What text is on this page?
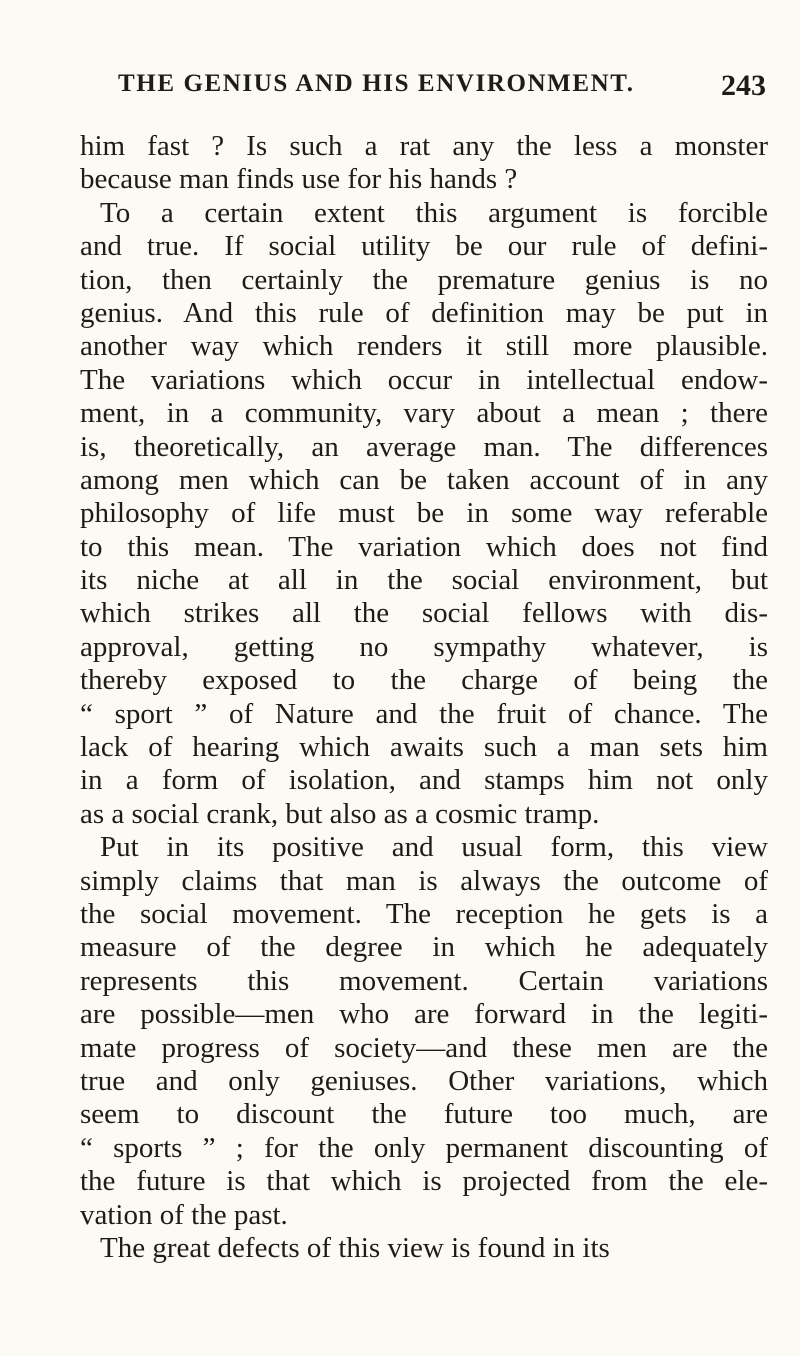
THE GENIUS AND HIS ENVIRONMENT.	243
him fast ? Is such a rat any the less a monster
because man finds use for his hands ?
To a certain extent this argument is forcible
and true. If social utility be our rule of defini-
tion, then certainly the premature genius is no
genius. And this rule of definition may be put in
another way which renders it still more plausible.
The variations which occur in intellectual endow-
ment, in a community, vary about a mean ; there
is, theoretically, an average man. The differences
among men which can be taken account of in any
philosophy of life must be in some way referable
to this mean. The variation which does not find
its niche at all in the social environment, but
which strikes all the social fellows with dis-
approval, getting no sympathy whatever, is
thereby exposed to the charge of being the
“ sport ” of Nature and the fruit of chance. The
lack of hearing which awaits such a man sets him
in a form of isolation, and stamps him not only
as a social crank, but also as a cosmic tramp.
Put in its positive and usual form, this view
simply claims that man is always the outcome of
the social movement. The reception he gets is a
measure of the degree in which he adequately
represents this movement. Certain variations
are possible—men who are forward in the legiti-
mate progress of society—and these men are the
true and only geniuses. Other variations, which
seem to discount the future too much, are
“ sports ” ; for the only permanent discounting of
the future is that which is projected from the ele-
vation of the past.
The great defects of this view is found in its
